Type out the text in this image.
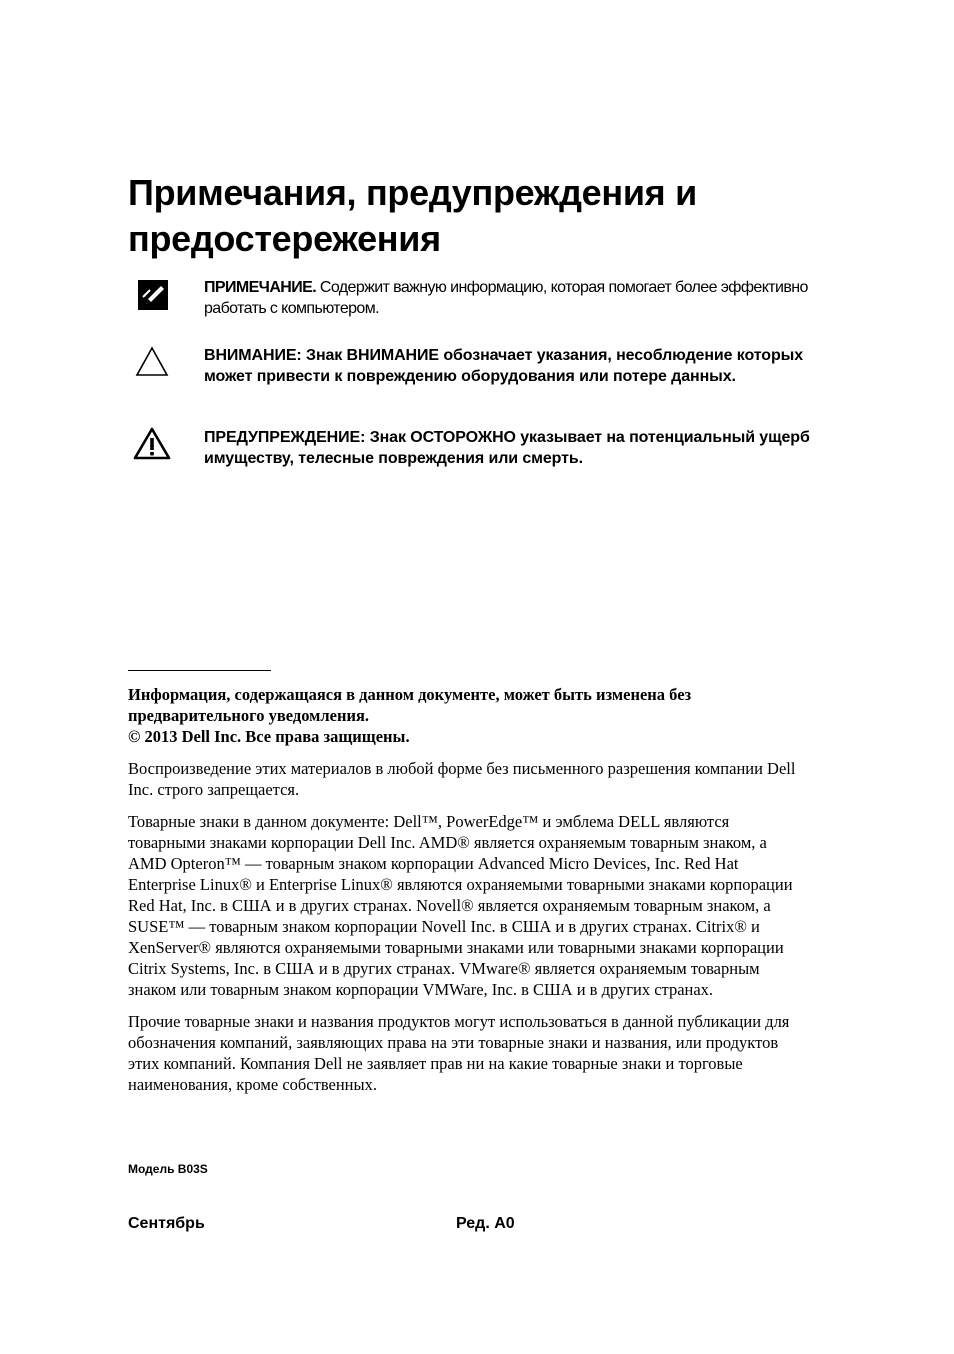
Примечания, предупреждения и предостережения
ПРИМЕЧАНИЕ. Содержит важную информацию, которая помогает более эффективно работать с компьютером.
ВНИМАНИЕ: Знак ВНИМАНИЕ обозначает указания, несоблюдение которых может привести к повреждению оборудования или потере данных.
ПРЕДУПРЕЖДЕНИЕ: Знак ОСТОРОЖНО указывает на потенциальный ущерб имуществу, телесные повреждения или смерть.
Информация, содержащаяся в данном документе, может быть изменена без
предварительного уведомления.
© 2013 Dell Inc. Все права защищены.

Воспроизведение этих материалов в любой форме без письменного разрешения компании Dell Inc. строго запрещается.

Товарные знаки в данном документе: Dell™, PowerEdge™ и эмблема DELL являются товарными знаками корпорации Dell Inc. AMD® является охраняемым товарным знаком, а AMD Opteron™ — товарным знаком корпорации Advanced Micro Devices, Inc. Red Hat Enterprise Linux® и Enterprise Linux® являются охраняемыми товарными знаками корпорации Red Hat, Inc. в США и в других странах. Novell® является охраняемым товарным знаком, а SUSE™ — товарным знаком корпорации Novell Inc. в США и в других странах. Citrix® и XenServer® являются охраняемыми товарными знаками или товарными знаками корпорации Citrix Systems, Inc. в США и в других странах. VMware® является охраняемым товарным знаком или товарным знаком корпорации VMWare, Inc. в США и в других странах.

Прочие товарные знаки и названия продуктов могут использоваться в данной публикации для обозначения компаний, заявляющих права на эти товарные знаки и названия, или продуктов этих компаний. Компания Dell не заявляет прав ни на какие товарные знаки и торговые наименования, кроме собственных.

Модель B03S
Сентябрь	Ред. A0
